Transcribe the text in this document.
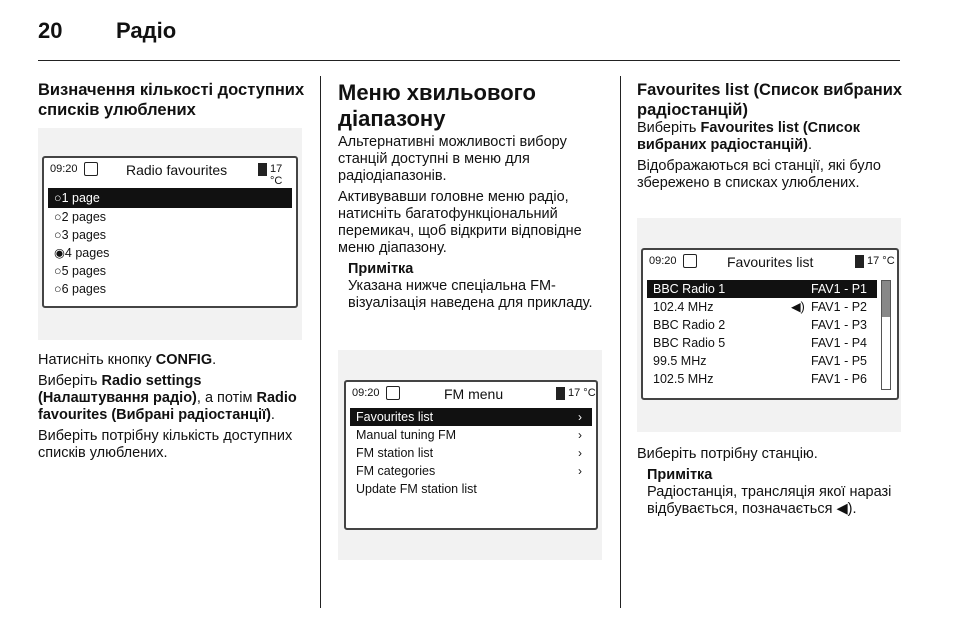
20 Радіо
Визначення кількості доступних списків улюблених
09:20	Radio favourites	17 °C
○1 page
○2 pages
○3 pages
◉4 pages
○5 pages
○6 pages

Натисніть кнопку CONFIG.

Виберіть Radio settings (Налаштування радіо), а потім Radio favourites (Вибрані радіостанції).

Виберіть потрібну кількість доступних списків улюблених.

Меню хвильового діапазону

Альтернативні можливості вибору станцій доступні в меню для радіодіапазонів.

Активувавши головне меню радіо, натисніть багатофункціональний перемикач, щоб відкрити відповідне меню діапазону.

Примітка

Указана нижче спеціальна FM-візуалізація наведена для прикладу.

09:20	FM menu	17 °C
Favourites list	›
Manual tuning FM	›
FM station list	›
FM categories	›
Update FM station list
Favourites list (Список вибраних радіостанцій)

Виберіть Favourites list (Список вибраних радіостанцій).

Відображаються всі станції, які було збережено в списках улюблених.

09:20	Favourites list	17 °C
BBC Radio 1	FAV1 - P1
102.4 MHz	◀) FAV1 - P2
BBC Radio 2	FAV1 - P3
BBC Radio 5	FAV1 - P4
99.5 MHz	FAV1 - P5
102.5 MHz	FAV1 - P6

Виберіть потрібну станцію.

Примітка

Радіостанція, трансляція якої наразі відбувається, позначається ◀).
